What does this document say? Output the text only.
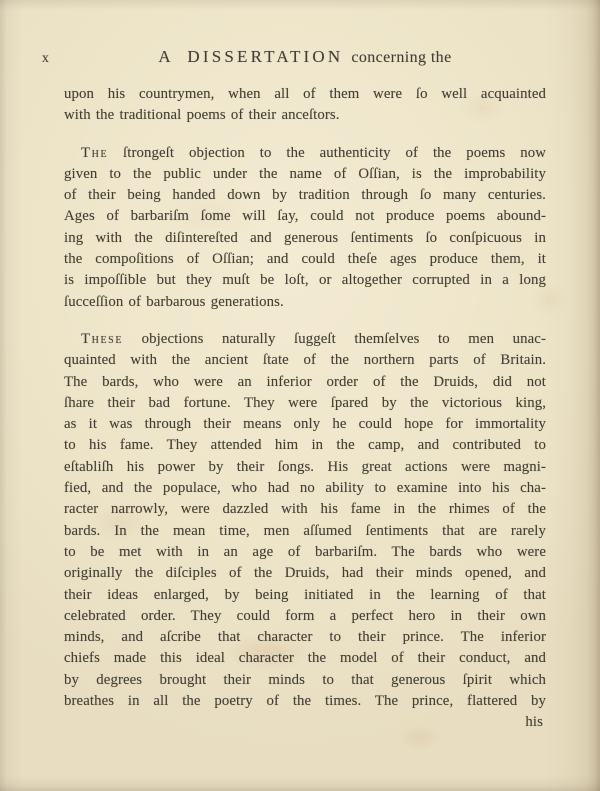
x	A DISSERTATION concerning the
upon his countrymen, when all of them were ſo well acquainted
with the traditional poems of their anceſtors.
The ſtrongeſt objection to the authenticity of the poems now
given to the public under the name of Oſſian, is the improbability
of their being handed down by tradition through ſo many centuries.
Ages of barbariſm ſome will ſay, could not produce poems abound-
ing with the diſintereſted and generous ſentiments ſo conſpicuous in
the compoſitions of Oſſian; and could theſe ages produce them, it
is impoſſible but they muſt be loſt, or altogether corrupted in a long
ſucceſſion of barbarous generations.
These objections naturally ſuggeſt themſelves to men unac-
quainted with the ancient ſtate of the northern parts of Britain.
The bards, who were an inferior order of the Druids, did not
ſhare their bad fortune. They were ſpared by the victorious king,
as it was through their means only he could hope for immortality
to his fame. They attended him in the camp, and contributed to
eſtabliſh his power by their ſongs. His great actions were magni-
fied, and the populace, who had no ability to examine into his cha-
racter narrowly, were dazzled with his fame in the rhimes of the
bards. In the mean time, men aſſumed ſentiments that are rarely
to be met with in an age of barbariſm. The bards who were
originally the diſciples of the Druids, had their minds opened, and
their ideas enlarged, by being initiated in the learning of that
celebrated order. They could form a perfect hero in their own
minds, and aſcribe that character to their prince. The inferior
chiefs made this ideal character the model of their conduct, and
by degrees brought their minds to that generous ſpirit which
breathes in all the poetry of the times. The prince, flattered by
his
